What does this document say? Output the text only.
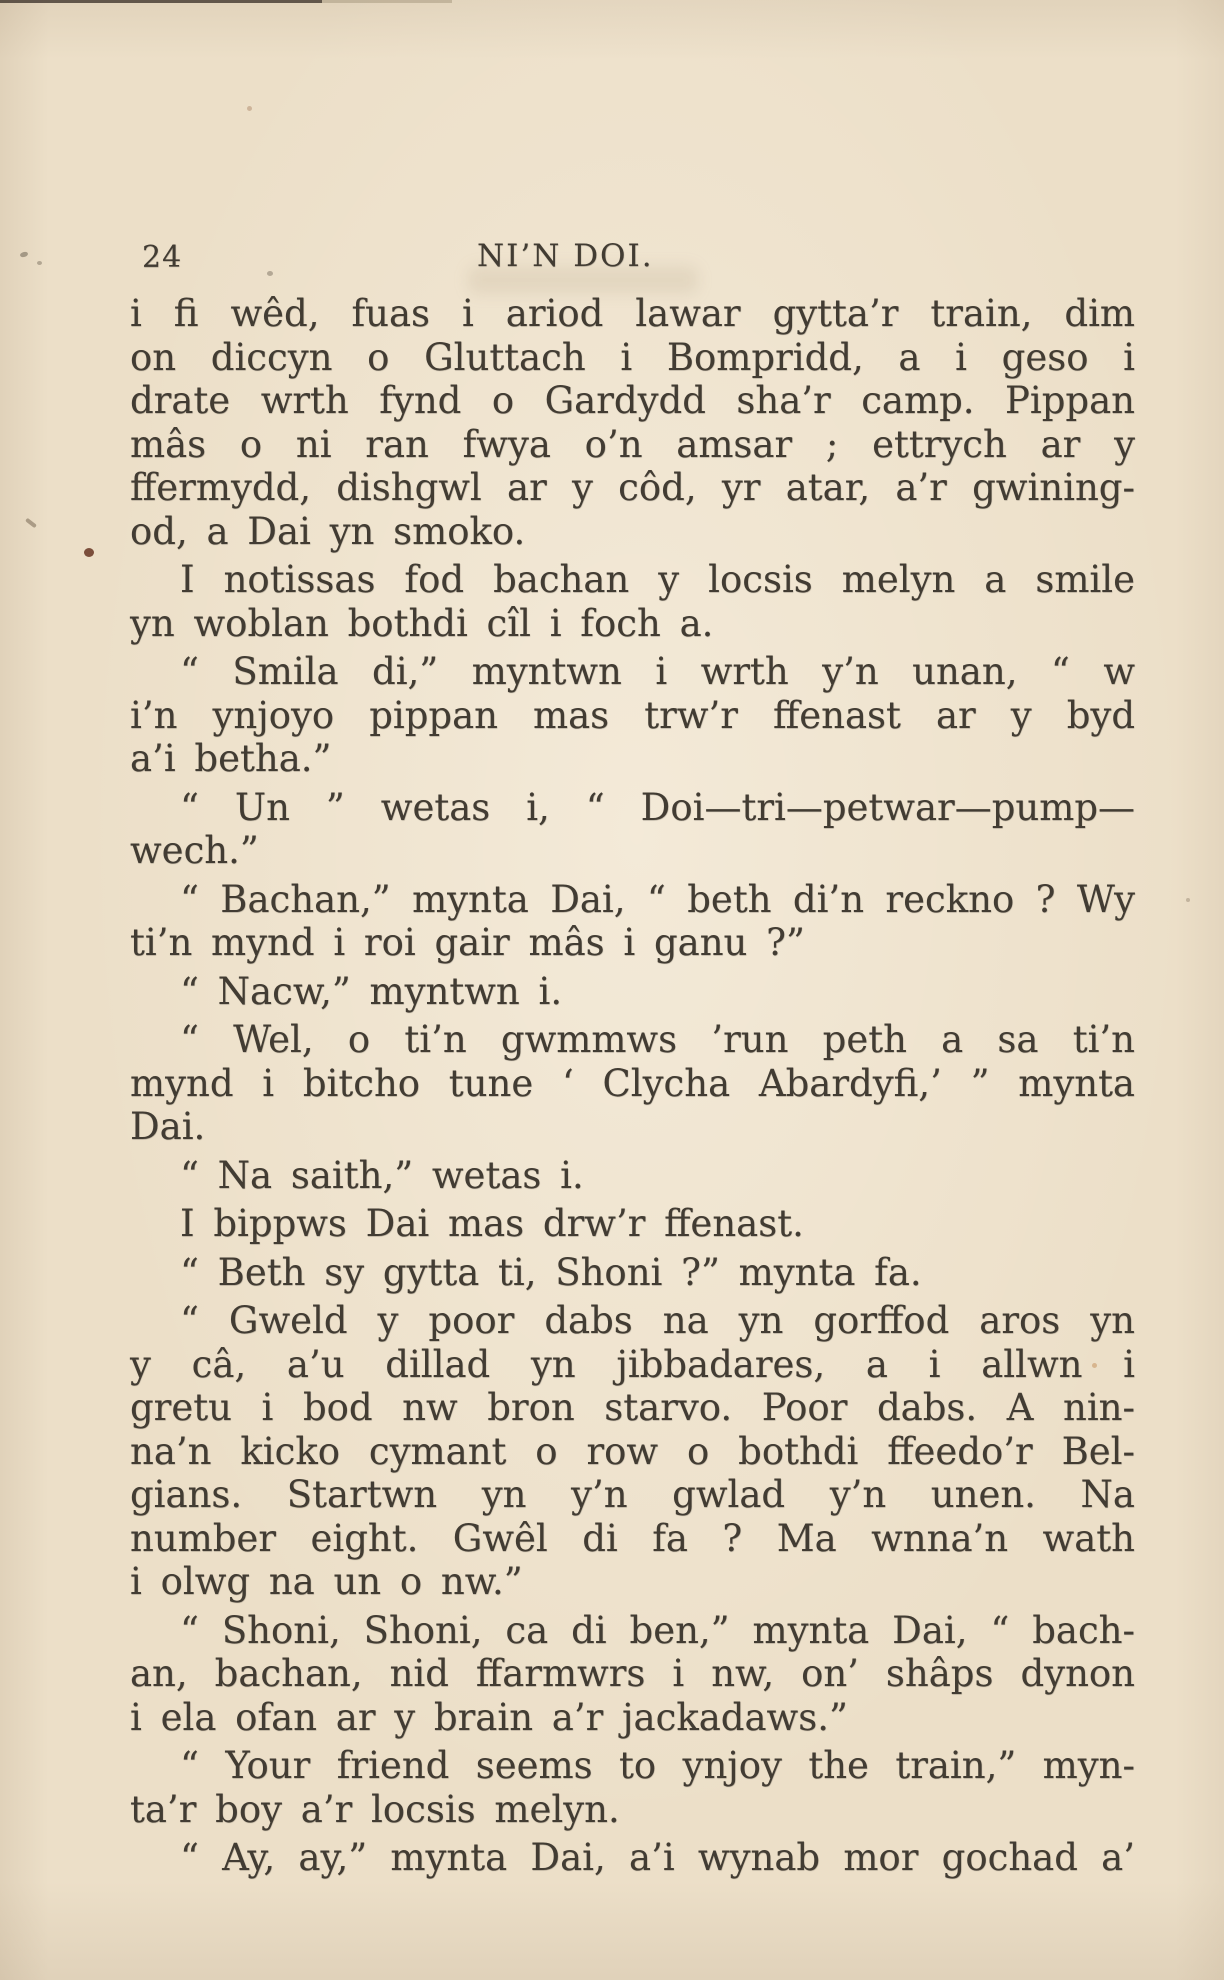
24	NI’N DOI.
i fi wêd, fuas i ariod lawar gytta’r train, dim
on diccyn o Gluttach i Bompridd, a i geso i
drate wrth fynd o Gardydd sha’r camp. Pippan
mâs o ni ran fwya o’n amsar ; ettrych ar y
ffermydd, dishgwl ar y côd, yr atar, a’r gwining-
od, a Dai yn smoko.
I notissas fod bachan y locsis melyn a smile
yn woblan bothdi cîl i foch a.
“ Smila di,” myntwn i wrth y’n unan, “ w
i’n ynjoyo pippan mas trw’r ffenast ar y byd
a’i betha.”
“ Un ” wetas i, “ Doi—tri—petwar—pump—
wech.”
“ Bachan,” mynta Dai, “ beth di’n reckno ? Wy
ti’n mynd i roi gair mâs i ganu ?”
“ Nacw,” myntwn i.
“ Wel, o ti’n gwmmws ’run peth a sa ti’n
mynd i bitcho tune ‘ Clycha Abardyfi,’ ” mynta
Dai.
“ Na saith,” wetas i.
I bippws Dai mas drw’r ffenast.
“ Beth sy gytta ti, Shoni ?” mynta fa.
“ Gweld y poor dabs na yn gorffod aros yn
y câ, a’u dillad yn jibbadares, a i allwn i
gretu i bod nw bron starvo. Poor dabs. A nin-
na’n kicko cymant o row o bothdi ffeedo’r Bel-
gians. Startwn yn y’n gwlad y’n unen. Na
number eight. Gwêl di fa ? Ma wnna’n wath
i olwg na un o nw.”
“ Shoni, Shoni, ca di ben,” mynta Dai, “ bach-
an, bachan, nid ffarmwrs i nw, on’ shâps dynon
i ela ofan ar y brain a’r jackadaws.”
“ Your friend seems to ynjoy the train,” myn-
ta’r boy a’r locsis melyn.
“ Ay, ay,” mynta Dai, a’i wynab mor gochad a’
